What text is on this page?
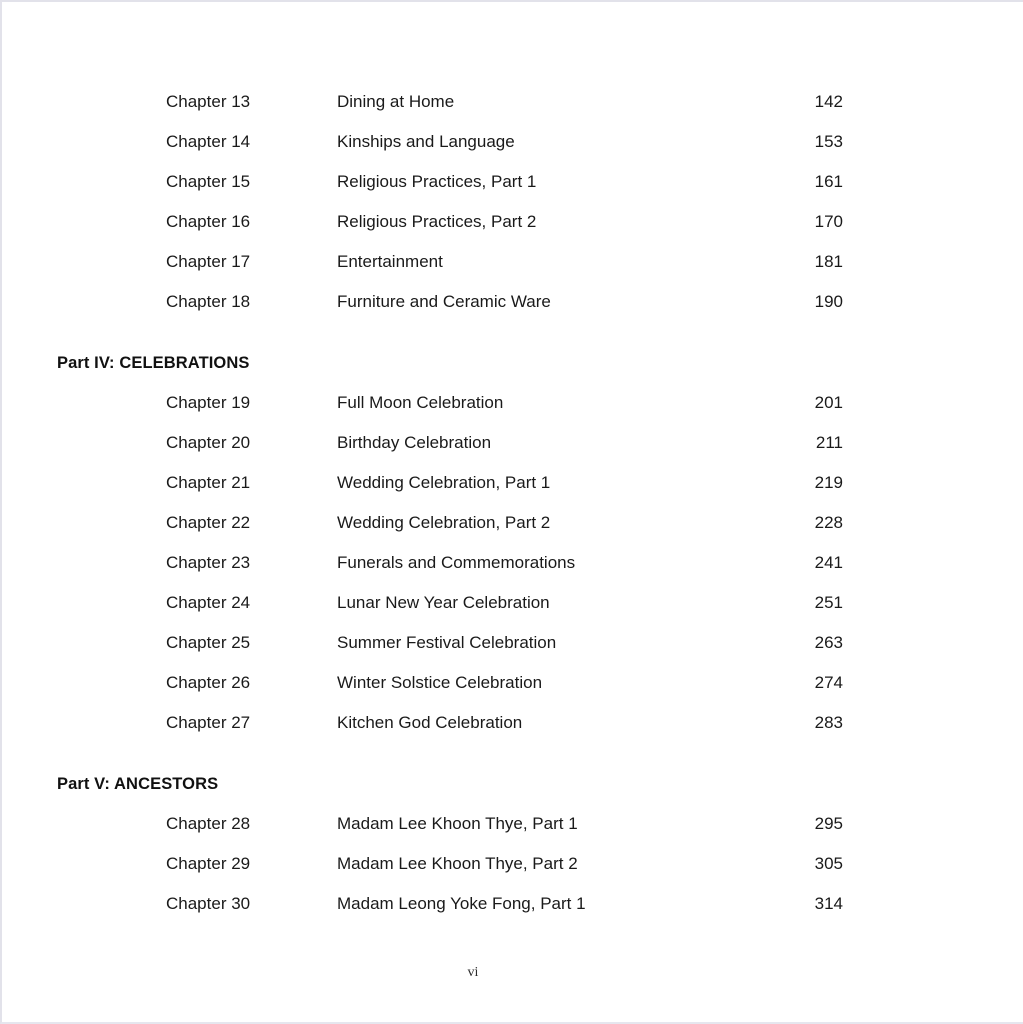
Chapter 13	Dining at Home	142
Chapter 14	Kinships and Language	153
Chapter 15	Religious Practices, Part 1	161
Chapter 16	Religious Practices, Part 2	170
Chapter 17	Entertainment	181
Chapter 18	Furniture and Ceramic Ware	190
Part IV: CELEBRATIONS
Chapter 19	Full Moon Celebration	201
Chapter 20	Birthday Celebration	211
Chapter 21	Wedding Celebration, Part 1	219
Chapter 22	Wedding Celebration, Part 2	228
Chapter 23	Funerals and Commemorations	241
Chapter 24	Lunar New Year Celebration	251
Chapter 25	Summer Festival Celebration	263
Chapter 26	Winter Solstice Celebration	274
Chapter 27	Kitchen God Celebration	283
Part V: ANCESTORS
Chapter 28	Madam Lee Khoon Thye, Part 1	295
Chapter 29	Madam Lee Khoon Thye, Part 2	305
Chapter 30	Madam Leong Yoke Fong, Part 1	314
vi
